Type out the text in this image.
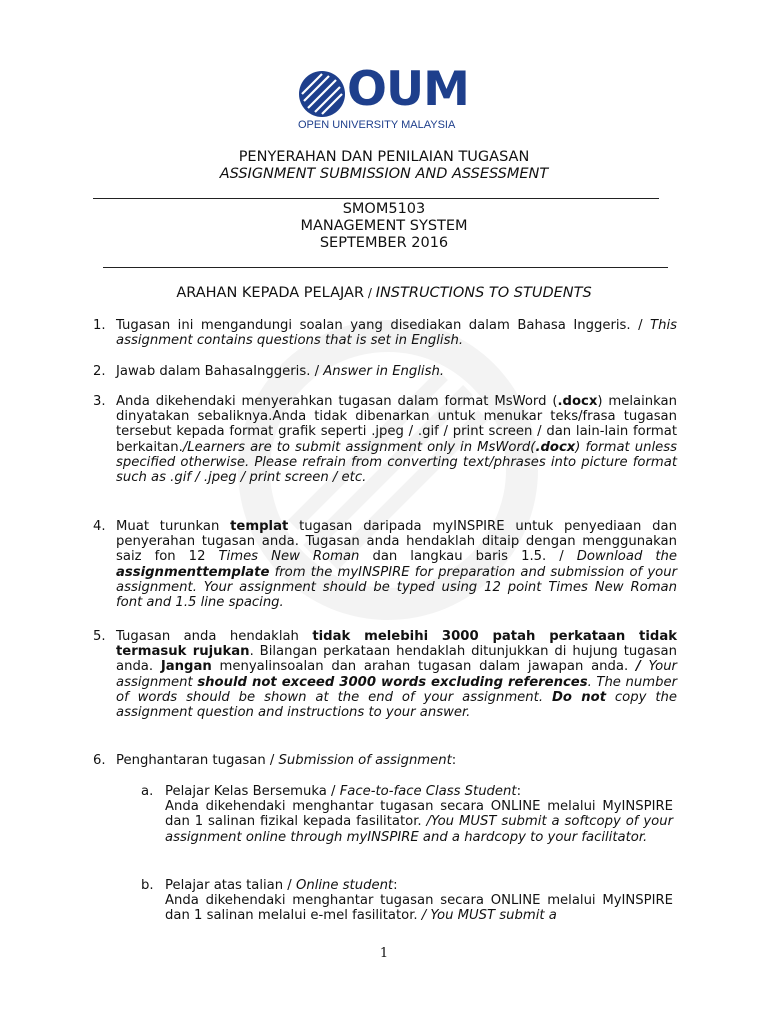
OUM
OPEN UNIVERSITY MALAYSIA
PENYERAHAN DAN PENILAIAN TUGASAN
ASSIGNMENT SUBMISSION AND ASSESSMENT
SMOM5103
MANAGEMENT SYSTEM
SEPTEMBER 2016
ARAHAN KEPADA PELAJAR / INSTRUCTIONS TO STUDENTS
1. Tugasan ini mengandungi soalan yang disediakan dalam Bahasa Inggeris. / This assignment contains questions that is set in English.
2. Jawab dalam BahasaInggeris. / Answer in English.
3. Anda dikehendaki menyerahkan tugasan dalam format MsWord (.docx) melainkan dinyatakan sebaliknya.Anda tidak dibenarkan untuk menukar teks/frasa tugasan tersebut kepada format grafik seperti .jpeg / .gif / print screen / dan lain-lain format berkaitan./Learners are to submit assignment only in MsWord(.docx) format unless specified otherwise. Please refrain from converting text/phrases into picture format such as .gif / .jpeg / print screen / etc.
4. Muat turunkan templat tugasan daripada myINSPIRE untuk penyediaan dan penyerahan tugasan anda. Tugasan anda hendaklah ditaip dengan menggunakan saiz fon 12 Times New Roman dan langkau baris 1.5. / Download the assignmenttemplate from the myINSPIRE for preparation and submission of your assignment. Your assignment should be typed using 12 point Times New Roman font and 1.5 line spacing.
5. Tugasan anda hendaklah tidak melebihi 3000 patah perkataan tidak termasuk rujukan. Bilangan perkataan hendaklah ditunjukkan di hujung tugasan anda. Jangan menyalinsoalan dan arahan tugasan dalam jawapan anda. / Your assignment should not exceed 3000 words excluding references. The number of words should be shown at the end of your assignment. Do not copy the assignment question and instructions to your answer.
6. Penghantaran tugasan / Submission of assignment:
a. Pelajar Kelas Bersemuka / Face-to-face Class Student:
Anda dikehendaki menghantar tugasan secara ONLINE melalui MyINSPIRE dan 1 salinan fizikal kepada fasilitator. /You MUST submit a softcopy of your assignment online through myINSPIRE and a hardcopy to your facilitator.
b. Pelajar atas talian / Online student:
Anda dikehendaki menghantar tugasan secara ONLINE melalui MyINSPIRE dan 1 salinan melalui e-mel fasilitator. / You MUST submit a
1
